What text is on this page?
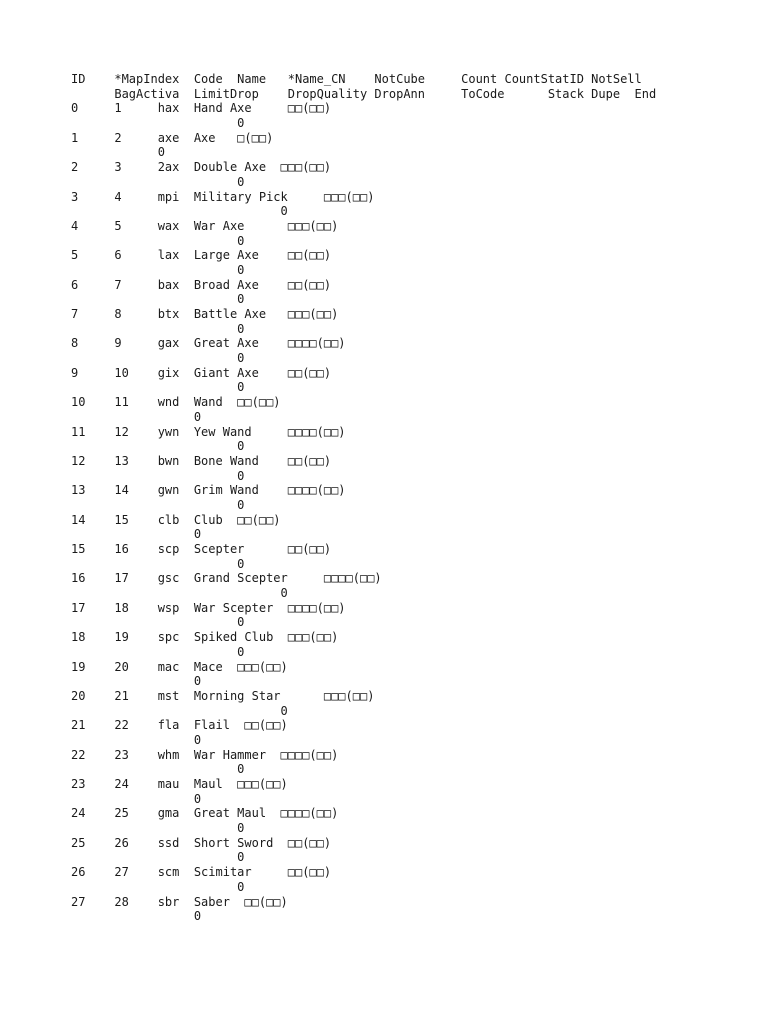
ID    *MapIndex  Code  Name   *Name_CN    NotCube     Count CountStatID NotSell
BagActiva  LimitDrop    DropQuality DropAnn     ToCode      Stack Dupe  End
0     1     hax  Hand Axe     □□(□□)
0
1     2     axe  Axe   □(□□)
0
2     3     2ax  Double Axe  □□□(□□)
0
3     4     mpi  Military Pick     □□□(□□)
0
4     5     wax  War Axe      □□□(□□)
0
5     6     lax  Large Axe    □□(□□)
0
6     7     bax  Broad Axe    □□(□□)
0
7     8     btx  Battle Axe   □□□(□□)
0
8     9     gax  Great Axe    □□□□(□□)
0
9     10    gix  Giant Axe    □□(□□)
0
10    11    wnd  Wand  □□(□□)
0
11    12    ywn  Yew Wand     □□□□(□□)
0
12    13    bwn  Bone Wand    □□(□□)
0
13    14    gwn  Grim Wand    □□□□(□□)
0
14    15    clb  Club  □□(□□)
0
15    16    scp  Scepter      □□(□□)
0
16    17    gsc  Grand Scepter     □□□□(□□)
0
17    18    wsp  War Scepter  □□□□(□□)
0
18    19    spc  Spiked Club  □□□(□□)
0
19    20    mac  Mace  □□□(□□)
0
20    21    mst  Morning Star      □□□(□□)
0
21    22    fla  Flail  □□(□□)
0
22    23    whm  War Hammer  □□□□(□□)
0
23    24    mau  Maul  □□□(□□)
0
24    25    gma  Great Maul  □□□□(□□)
0
25    26    ssd  Short Sword  □□(□□)
0
26    27    scm  Scimitar     □□(□□)
0
27    28    sbr  Saber  □□(□□)
0
